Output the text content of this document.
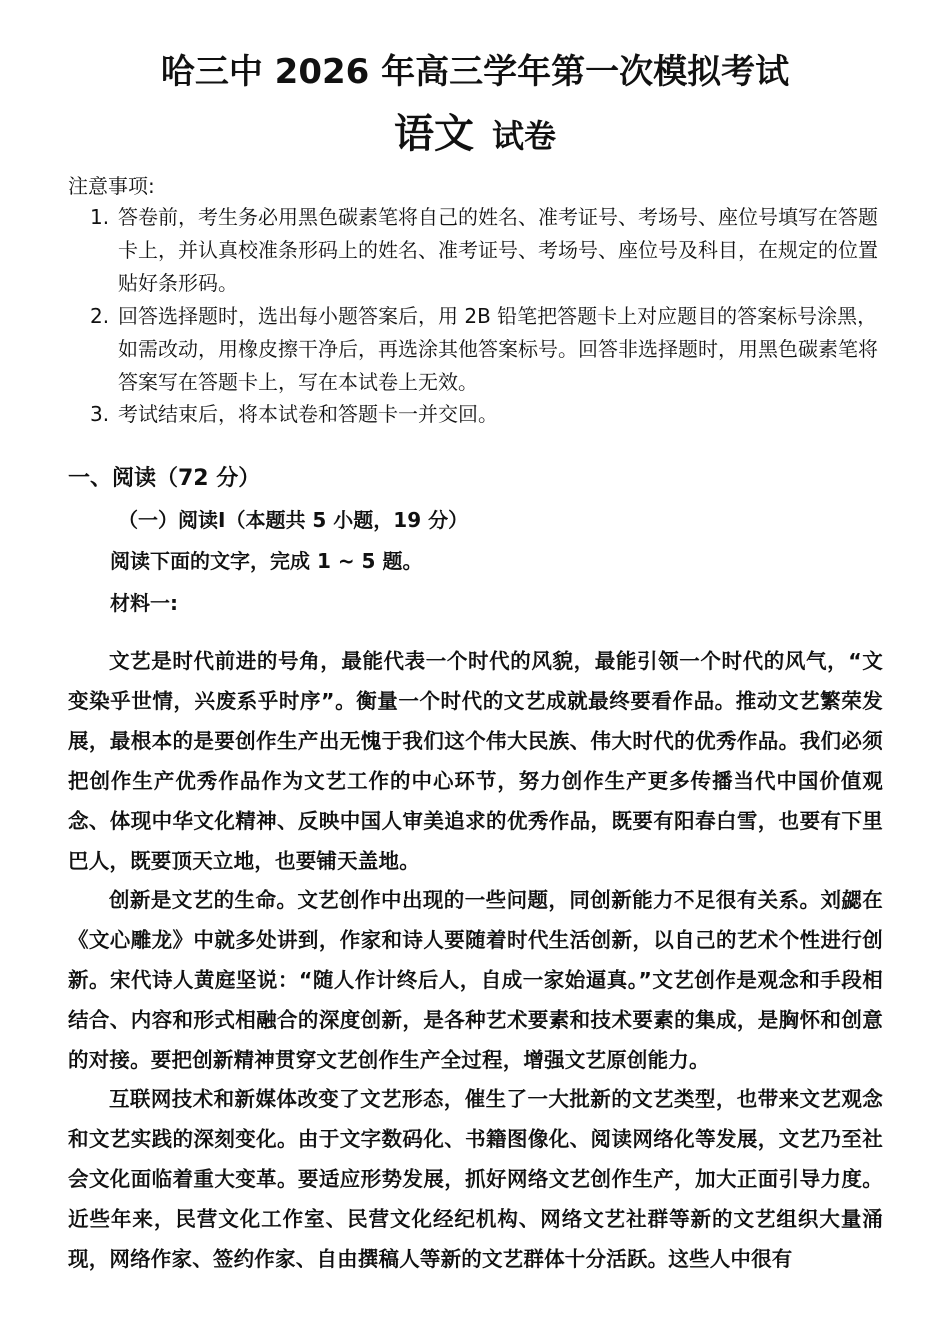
哈三中 2026 年高三学年第一次模拟考试
语文 试卷
注意事项:
1. 答卷前，考生务必用黑色碳素笔将自己的姓名、准考证号、考场号、座位号填写在答题卡上，并认真校准条形码上的姓名、准考证号、考场号、座位号及科目，在规定的位置贴好条形码。
2. 回答选择题时，选出每小题答案后，用 2B 铅笔把答题卡上对应题目的答案标号涂黑，如需改动，用橡皮擦干净后，再选涂其他答案标号。回答非选择题时，用黑色碳素笔将答案写在答题卡上，写在本试卷上无效。
3. 考试结束后，将本试卷和答题卡一并交回。
一、阅读（72 分）
（一）阅读I（本题共 5 小题，19 分）
阅读下面的文字，完成 1 ~ 5 题。
材料一:

文艺是时代前进的号角，最能代表一个时代的风貌，最能引领一个时代的风气，“文变染乎世情，兴废系乎时序”。衡量一个时代的文艺成就最终要看作品。推动文艺繁荣发展，最根本的是要创作生产出无愧于我们这个伟大民族、伟大时代的优秀作品。我们必须把创作生产优秀作品作为文艺工作的中心环节，努力创作生产更多传播当代中国价值观念、体现中华文化精神、反映中国人审美追求的优秀作品，既要有阳春白雪，也要有下里巴人，既要顶天立地，也要铺天盖地。

创新是文艺的生命。文艺创作中出现的一些问题，同创新能力不足很有关系。刘勰在《文心雕龙》中就多处讲到，作家和诗人要随着时代生活创新，以自己的艺术个性进行创新。宋代诗人黄庭坚说：“随人作计终后人，自成一家始逼真。”文艺创作是观念和手段相结合、内容和形式相融合的深度创新，是各种艺术要素和技术要素的集成，是胸怀和创意的对接。要把创新精神贯穿文艺创作生产全过程，增强文艺原创能力。

互联网技术和新媒体改变了文艺形态，催生了一大批新的文艺类型，也带来文艺观念和文艺实践的深刻变化。由于文字数码化、书籍图像化、阅读网络化等发展，文艺乃至社会文化面临着重大变革。要适应形势发展，抓好网络文艺创作生产，加大正面引导力度。近些年来，民营文化工作室、民营文化经纪机构、网络文艺社群等新的文艺组织大量涌现，网络作家、签约作家、自由撰稿人等新的文艺群体十分活跃。这些人中很有
